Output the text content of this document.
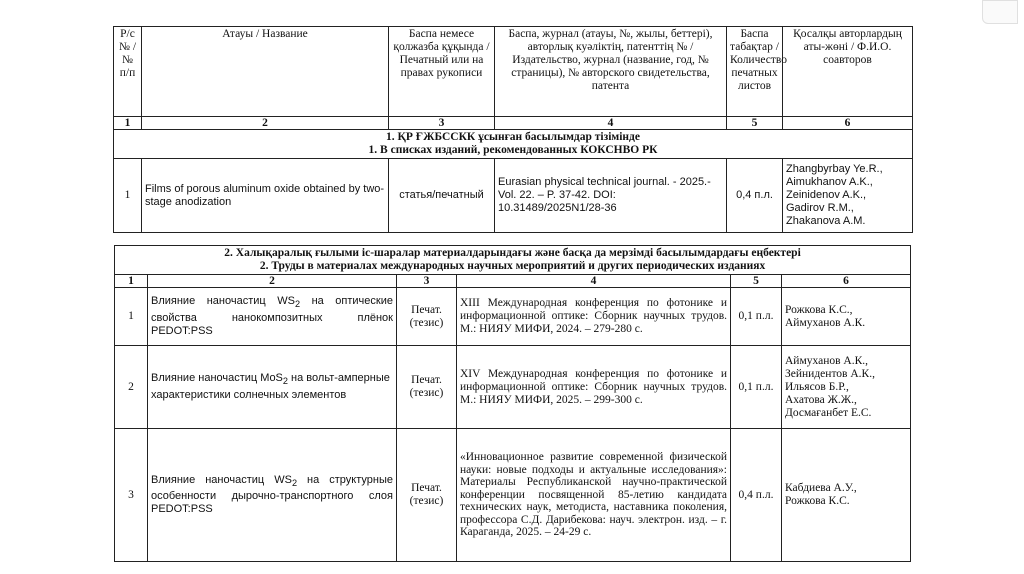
Р/с № / № п/п	Атауы / Название	Баспа немесе қолжазба құқында / Печатный или на правах рукописи	Баспа, журнал (атауы, №, жылы, беттері), авторлық куәліктің, патенттің № / Издательство, журнал (название, год, № страницы), № авторского свидетельства, патента	Баспа табақтар / Количество печатных листов	Қосалқы авторлардың аты-жөні / Ф.И.О. соавторов
1	2	3	4	5	6

1. ҚР ҒЖБССКК ұсынған басылымдар тізімінде
1. В списках изданий, рекомендованных КОКСНВО РК					

1	Films of porous aluminum oxide obtained by two-stage anodization	статья/печатный	Eurasian physical technical journal. - 2025.- Vol. 22. – P. 37-42. DOI: 10.31489/2025N1/28-36	0,4 п.л.	Zhangbyrbay Ye.R.,
Aimukhanov A.K.,
Zeinidenov A.K.,
Gadirov R.M.,
Zhakanova A.M.
2. Халықаралық ғылыми іс-шаралар материалдарындағы және басқа да мерзімді басылымдардағы еңбектері
2. Труды в материалах международных научных мероприятий и других периодических изданиях					

1	2	3	4	5	6
1	Влияние наночастиц $WS_2$ на оптические свойства нанокомпозитных плёнок PEDOT:PSS	Печат. (тезис)	XIII Международная конференция по фотонике и информационной оптике: Сборник научных трудов. М.: НИЯУ МИФИ, 2024. – 279-280 с.	0,1 п.л.	Рожкова К.С.,
Аймуханов А.К.

2	Влияние наночастиц MoS$_2$ на вольт-амперные характеристики солнечных элементов	Печат. (тезис)	XIV Международная конференция по фотонике и информационной оптике: Сборник научных трудов. М.: НИЯУ МИФИ, 2025. – 299-300 с.	0,1 п.л.	Аймуханов А.К.,
Зейнидентов А.К.,
Ильясов Б.Р.,
Ахатова Ж.Ж.,
Досмағанбет Е.С.

3	Влияние наночастиц $WS_2$ на структурные особенности дырочно-транспортного слоя PEDOT:PSS	Печат. (тезис)	«Инновационное развитие современной физической науки: новые подходы и актуальные исследования»: Материалы Республиканской научно-практической конференции посвященной 85-летию кандидата технических наук, методиста, наставника поколения, профессора С.Д. Дарибекова: науч. электрон. изд. – г. Караганда, 2025. – 24-29 с.	0,4 п.л.	Кабдиева А.У.,
Рожкова К.С.
